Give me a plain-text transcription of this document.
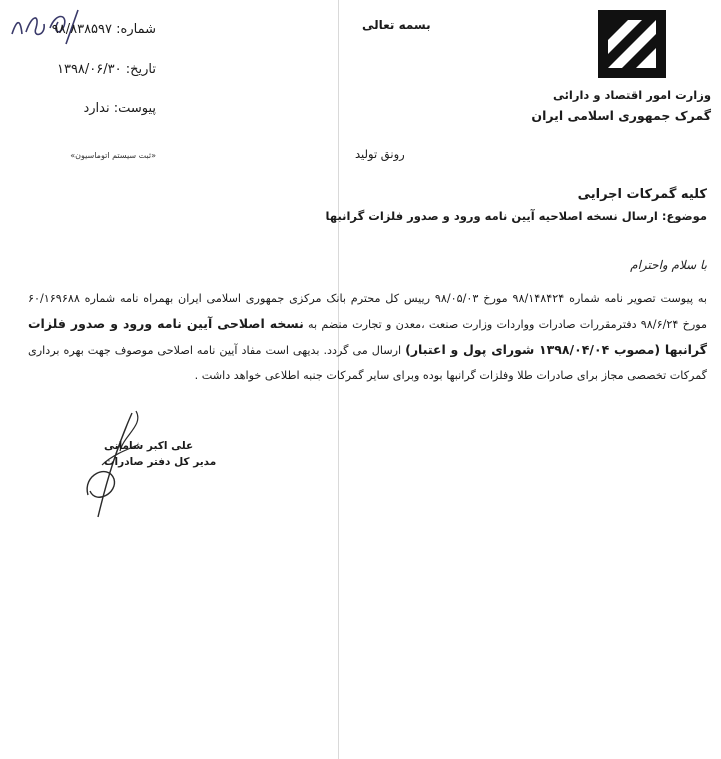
وزارت امور اقتصاد و دارائی
گمرک جمهوری اسلامی ایران
بسمه تعالی
شماره: ۹۸/۸۳۸۵۹۷
تاریخ: ۱۳۹۸/۰۶/۳۰
پیوست: ندارد
«ثبت سیستم اتوماسیون»	رونق تولید
کلیه گمرکات اجرایی
موضوع: ارسال نسخه اصلاحیه آیین نامه ورود و صدور فلزات گرانبها
با سلام واحترام
به پیوست تصویر نامه شماره ۹۸/۱۴۸۴۲۴ مورخ ۹۸/۰۵/۰۳ رییس کل محترم بانک مرکزی جمهوری اسلامی ایران بهمراه نامه شماره ۶۰/۱۶۹۶۸۸ مورخ ۹۸/۶/۲۴ دفترمقررات صادرات وواردات وزارت صنعت ،معدن و تجارت منضم به نسخه اصلاحی آیین نامه ورود و صدور فلزات گرانبها (مصوب ۱۳۹۸/۰۴/۰۴ شورای پول و اعتبار) ارسال می گردد. بدیهی است مفاد آیین نامه اصلاحی موصوف جهت بهره برداری گمرکات تخصصی مجاز برای صادرات طلا وفلزات گرانبها بوده وبرای سایر گمرکات جنبه اطلاعی خواهد داشت .
علی اکبر شامانی
مدیر کل دفتر صادرات
